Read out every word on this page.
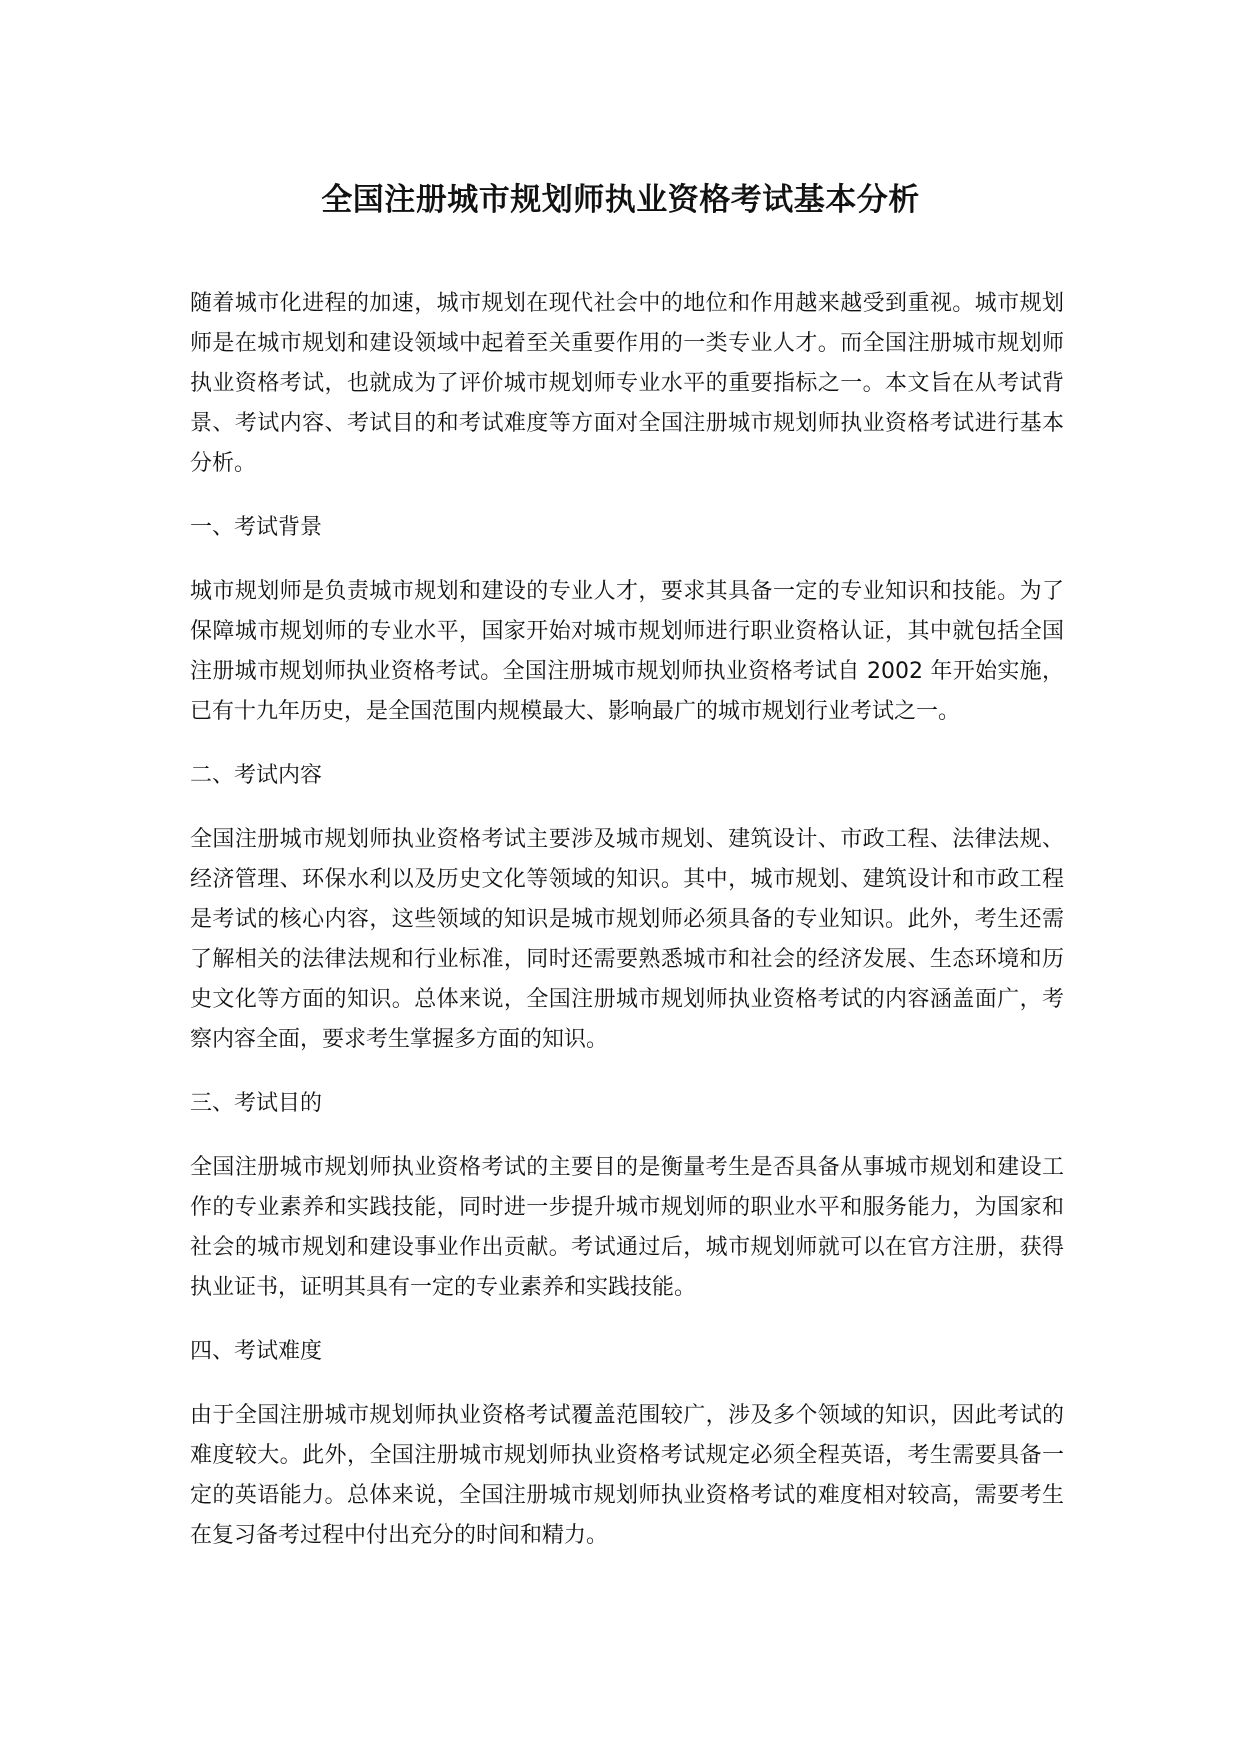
全国注册城市规划师执业资格考试基本分析

随着城市化进程的加速，城市规划在现代社会中的地位和作用越来越受到重视。城市规划师是在城市规划和建设领域中起着至关重要作用的一类专业人才。而全国注册城市规划师执业资格考试，也就成为了评价城市规划师专业水平的重要指标之一。本文旨在从考试背景、考试内容、考试目的和考试难度等方面对全国注册城市规划师执业资格考试进行基本分析。

一、考试背景

城市规划师是负责城市规划和建设的专业人才，要求其具备一定的专业知识和技能。为了保障城市规划师的专业水平，国家开始对城市规划师进行职业资格认证，其中就包括全国注册城市规划师执业资格考试。全国注册城市规划师执业资格考试自 2002 年开始实施，已有十九年历史，是全国范围内规模最大、影响最广的城市规划行业考试之一。

二、考试内容

全国注册城市规划师执业资格考试主要涉及城市规划、建筑设计、市政工程、法律法规、经济管理、环保水利以及历史文化等领域的知识。其中，城市规划、建筑设计和市政工程是考试的核心内容，这些领域的知识是城市规划师必须具备的专业知识。此外，考生还需了解相关的法律法规和行业标准，同时还需要熟悉城市和社会的经济发展、生态环境和历史文化等方面的知识。总体来说，全国注册城市规划师执业资格考试的内容涵盖面广，考察内容全面，要求考生掌握多方面的知识。

三、考试目的

全国注册城市规划师执业资格考试的主要目的是衡量考生是否具备从事城市规划和建设工作的专业素养和实践技能，同时进一步提升城市规划师的职业水平和服务能力，为国家和社会的城市规划和建设事业作出贡献。考试通过后，城市规划师就可以在官方注册，获得执业证书，证明其具有一定的专业素养和实践技能。

四、考试难度

由于全国注册城市规划师执业资格考试覆盖范围较广，涉及多个领域的知识，因此考试的难度较大。此外，全国注册城市规划师执业资格考试规定必须全程英语，考生需要具备一定的英语能力。总体来说，全国注册城市规划师执业资格考试的难度相对较高，需要考生在复习备考过程中付出充分的时间和精力。
